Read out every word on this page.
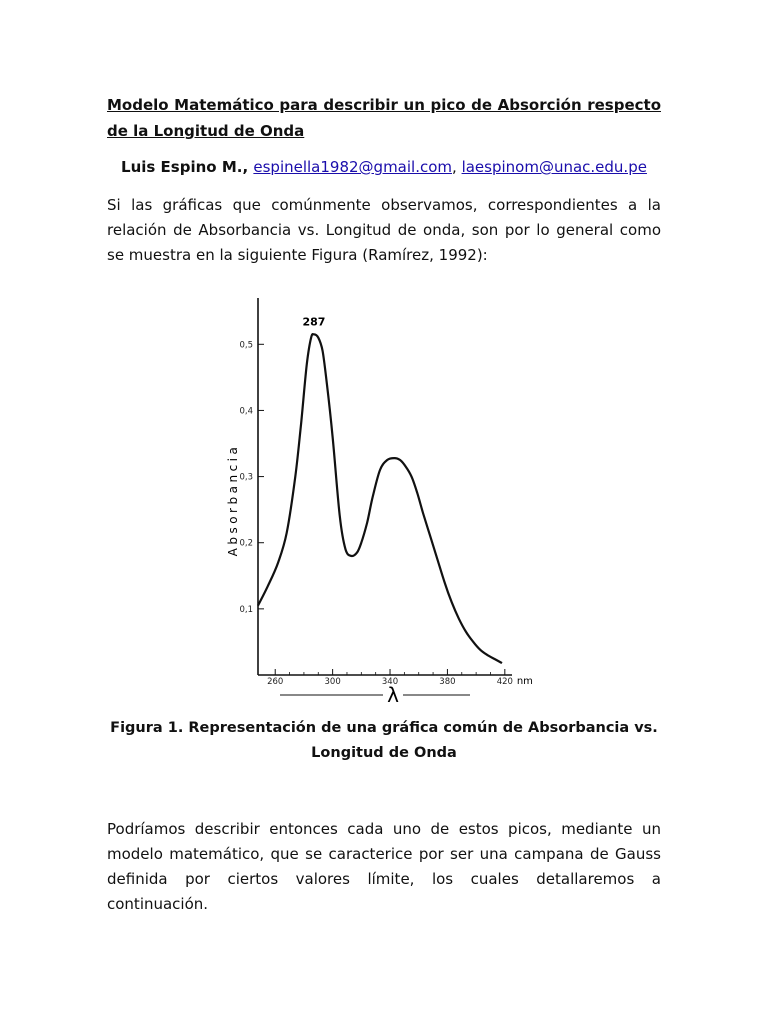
Modelo Matemático para describir un pico de Absorción respecto de la Longitud de Onda
Luis Espino M., espinella1982@gmail.com, laespinom@unac.edu.pe

Si las gráficas que comúnmente observamos, correspondientes a la relación de Absorbancia vs. Longitud de onda, son por lo general como se muestra en la siguiente Figura (Ramírez, 1992):

Absorbancia
0,1
0,2
0,3
0,4
0,5
260	300	340	380	420
287
λ
nm
Figura 1. Representación de una gráfica común de Absorbancia vs. Longitud de Onda

Podríamos describir entonces cada uno de estos picos, mediante un modelo matemático, que se caracterice por ser una campana de Gauss definida por ciertos valores límite, los cuales detallaremos a continuación.
